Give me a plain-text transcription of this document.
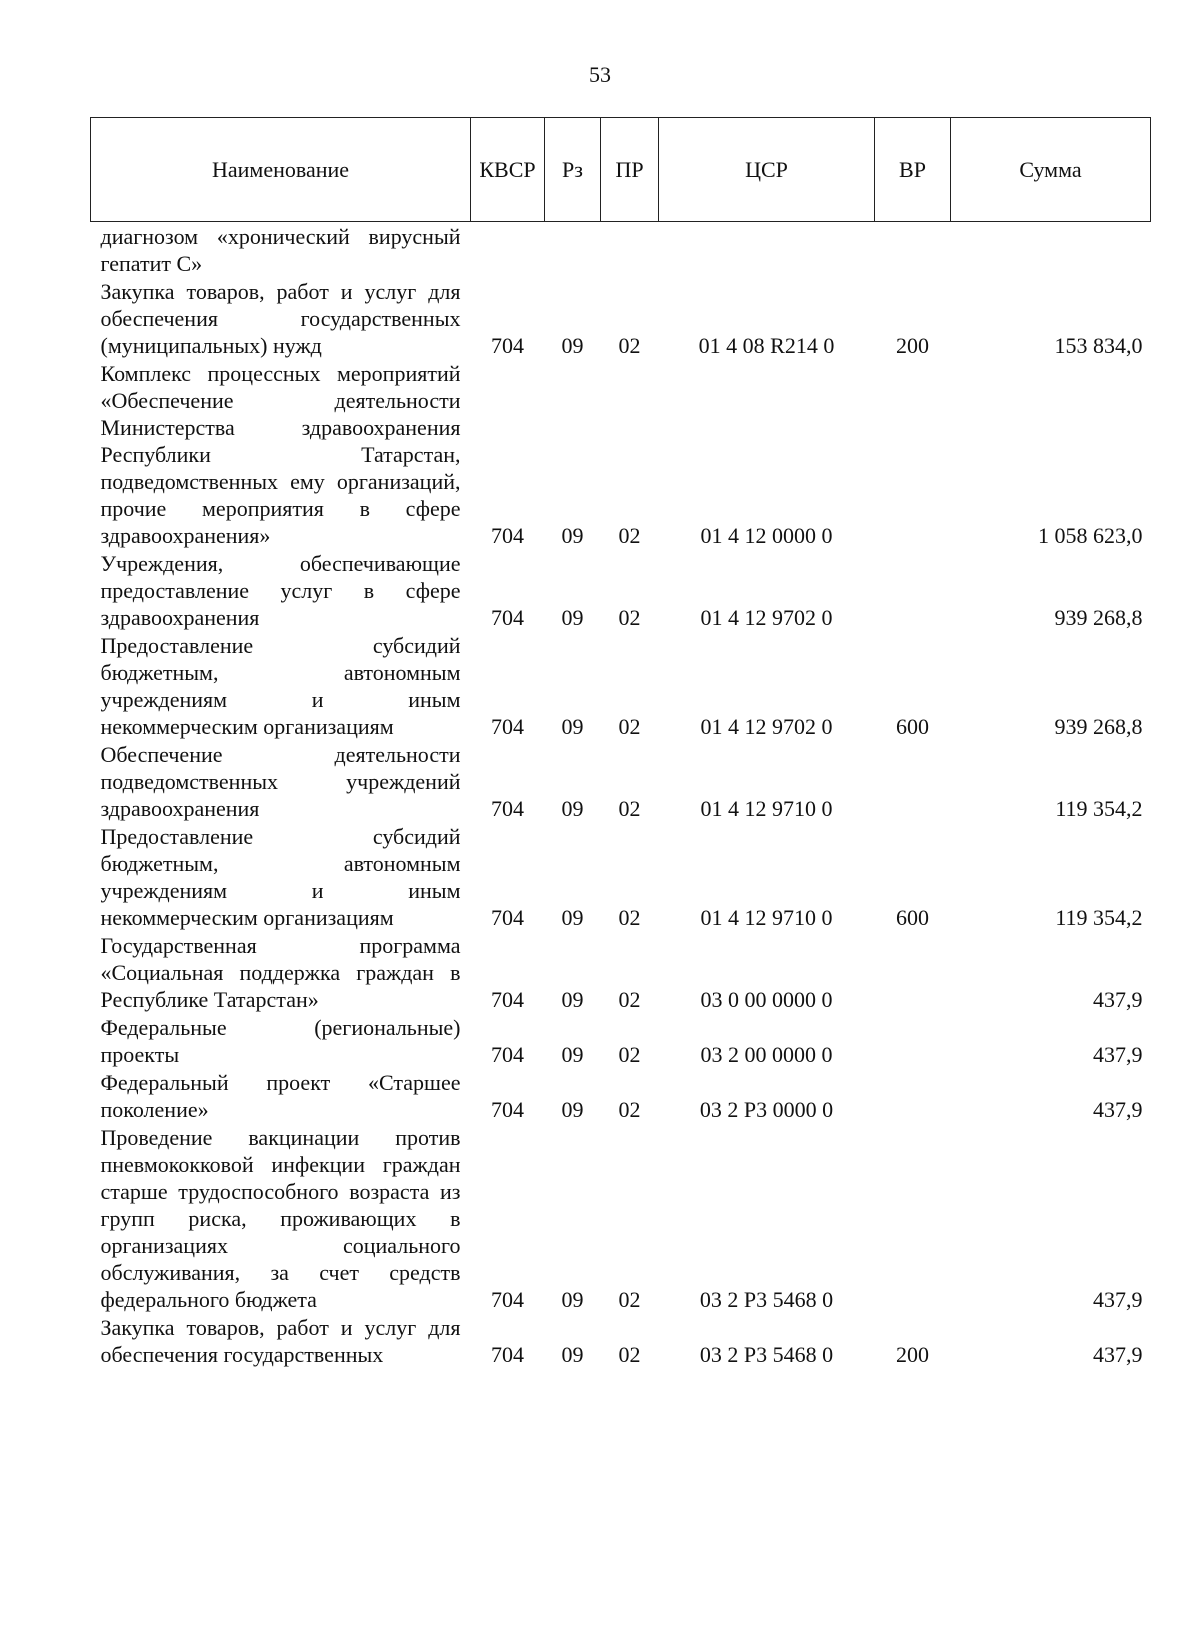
53
Наименование	КВСР	Рз	ПР	ЦСР	ВР	Сумма
диагнозом «хронический вирусный гепатит С»						
Закупка товаров, работ и услуг для обеспечения государственных (муниципальных) нужд	704	09	02	01 4 08 R214 0	200	153 834,0
Комплекс процессных мероприятий «Обеспечение деятельности Министерства здравоохранения Республики Татарстан, подведомственных ему организаций, прочие мероприятия в сфере здравоохранения»	704	09	02	01 4 12 0000 0		1 058 623,0
Учреждения, обеспечивающие предоставление услуг в сфере здравоохранения	704	09	02	01 4 12 9702 0		939 268,8
Предоставление субсидий бюджетным, автономным учреждениям и иным некоммерческим организациям	704	09	02	01 4 12 9702 0	600	939 268,8
Обеспечение деятельности подведомственных учреждений здравоохранения	704	09	02	01 4 12 9710 0		119 354,2
Предоставление субсидий бюджетным, автономным учреждениям и иным некоммерческим организациям	704	09	02	01 4 12 9710 0	600	119 354,2
Государственная программа «Социальная поддержка граждан в Республике Татарстан»	704	09	02	03 0 00 0000 0		437,9
Федеральные (региональные) проекты	704	09	02	03 2 00 0000 0		437,9
Федеральный проект «Старшее поколение»	704	09	02	03 2 Р3 0000 0		437,9
Проведение вакцинации против пневмококковой инфекции граждан старше трудоспособного возраста из групп риска, проживающих в организациях социального обслуживания, за счет средств федерального бюджета	704	09	02	03 2 Р3 5468 0		437,9
Закупка товаров, работ и услуг для обеспечения государственных	704	09	02	03 2 Р3 5468 0	200	437,9
